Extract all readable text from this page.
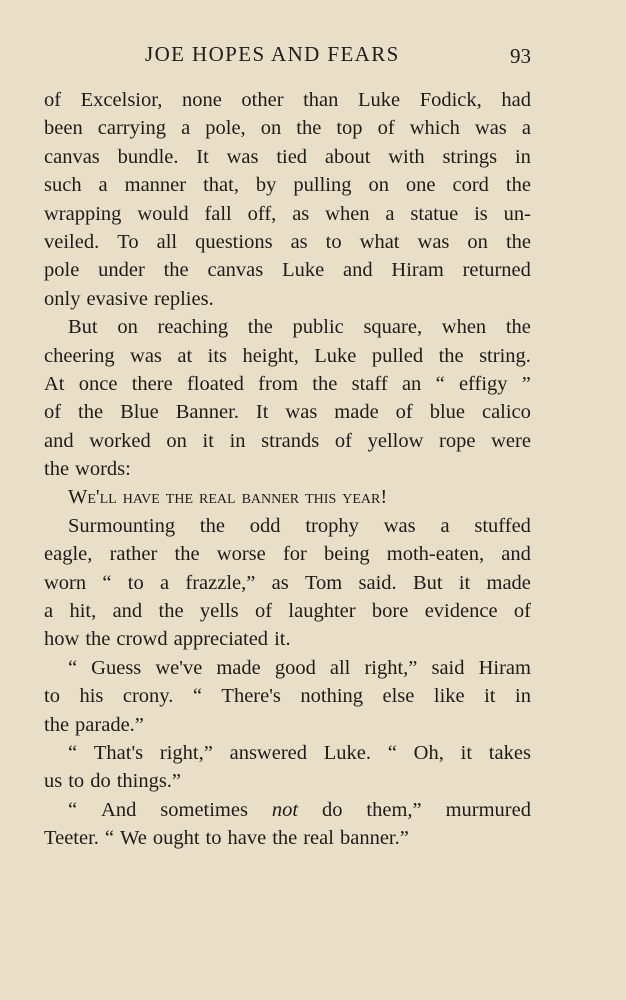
JOE HOPES AND FEARS	93
of Excelsior, none other than Luke Fodick, had
been carrying a pole, on the top of which was a
canvas bundle. It was tied about with strings in
such a manner that, by pulling on one cord the
wrapping would fall off, as when a statue is un-
veiled. To all questions as to what was on the
pole under the canvas Luke and Hiram returned
only evasive replies.
But on reaching the public square, when the
cheering was at its height, Luke pulled the string.
At once there floated from the staff an “ effigy ”
of the Blue Banner. It was made of blue calico
and worked on it in strands of yellow rope were
the words:
We'll have the real banner this year!
Surmounting the odd trophy was a stuffed
eagle, rather the worse for being moth-eaten, and
worn “ to a frazzle,” as Tom said. But it made
a hit, and the yells of laughter bore evidence of
how the crowd appreciated it.
“ Guess we've made good all right,” said Hiram
to his crony. “ There's nothing else like it in
the parade.”
“ That's right,” answered Luke. “ Oh, it takes
us to do things.”
“ And sometimes not do them,” murmured
Teeter. “ We ought to have the real banner.”
